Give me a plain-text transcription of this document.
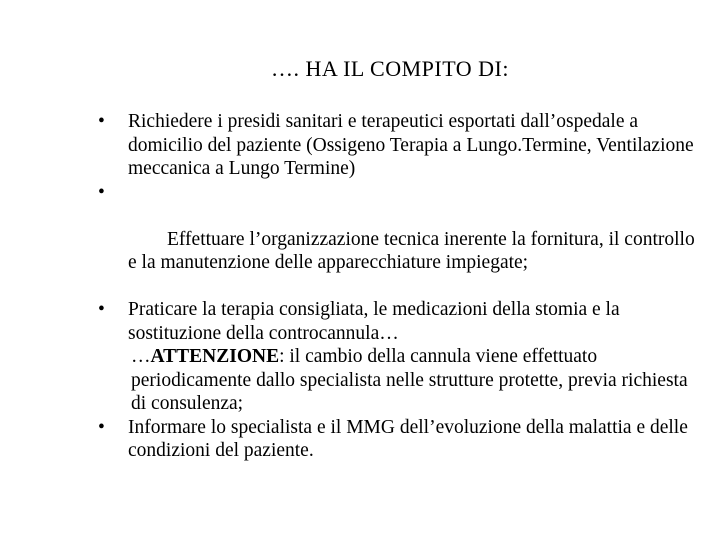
…. HA IL COMPITO DI:
•	Richiedere i presidi sanitari e terapeutici esportati dall’ospedale a domicilio del paziente (Ossigeno Terapia a Lungo.Termine, Ventilazione meccanica a Lungo Termine)

•

Effettuare l’organizzazione tecnica inerente la fornitura, il controllo e la manutenzione delle apparecchiature impiegate;

•	Praticare la terapia consigliata, le medicazioni della stomia e la sostituzione della controcannula…
…ATTENZIONE: il cambio della cannula viene effettuato periodicamente dallo specialista nelle strutture protette, previa richiesta di consulenza;
•	Informare lo specialista e il MMG dell’evoluzione della malattia e delle condizioni del paziente.
